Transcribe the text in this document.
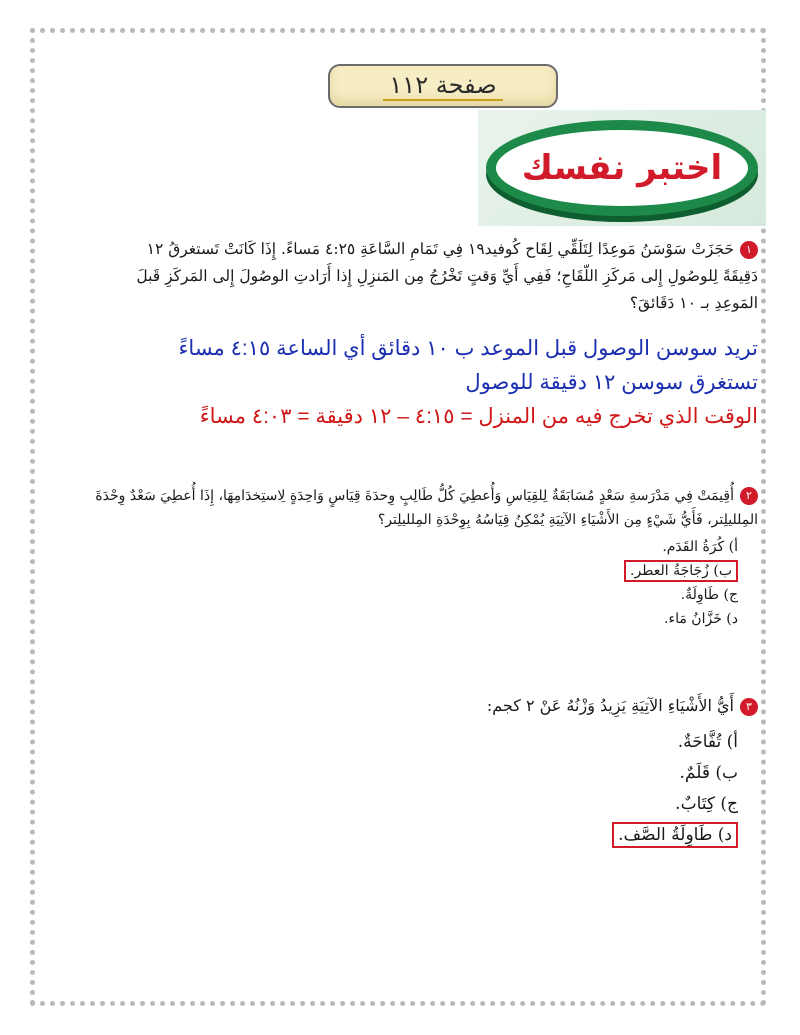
صفحة ١١٢
اختبر نفسك
١حَجَزَتْ سَوْسَنُ مَوعِدًا لِتَلَقِّي لِقَاح كُوفيد١٩ فِي تَمَامِ السَّاعَةِ ٤:٢٥ مَساءً. إِذَا كَانَتْ تَستغرقُ ١٢ دَقِيقَةً لِلوصُولِ إِلى مَركَزِ اللّقَاحِ؛ فَفِي أَيِّ وَقتٍ تَخْرُجُ مِن المَنزِلِ إِذا أَرَادتِ الوصُولَ إِلى المَركَزِ قَبلَ المَوعِدِ بـ ١٠ دَقَائقَ؟
تريد سوسن الوصول قبل الموعد ب ١٠ دقائق أي الساعة ٤:١٥ مساءً
تستغرق سوسن ١٢ دقيقة للوصول
الوقت الذي تخرج فيه من المنزل = ٤:١٥ – ١٢ دقيقة = ٤:٠٣ مساءً
٢أُقِيمَتْ فِي مَدْرَسةِ سَعْدٍ مُسَابَقَةٌ لِلقِيَاسِ وَأُعطِيَ كُلُّ طَالِبٍ وِحدَةَ قِيَاسٍ وَاحِدَةٍ لِاستِخدَامِهَا، إِذَا أُعطِيَ سَعْدٌ وِحْدَةَ المِلليلِتر، فَأَيُّ شَيْءٍ مِن الأَشْيَاءِ الآتِيَةِ يُمْكِنُ قِيَاسُهُ بِوِحْدَةِ المِلليلِتر؟
أ) كُرَةُ القَدَم.
ب) زُجَاجَةُ العطر.
ج) طَاوِلَةٌ.
د) خَزَّانُ مَاء.
٣أَيُّ الأَشْيَاءِ الآتِيَةِ يَزِيدُ وَزْنُهُ عَنْ ٢ كجم:
أ) تُفَّاحَةٌ.
ب) قَلَمٌ.
ج) كِتَابٌ.
د) طَاوِلَةُ الصَّف.
